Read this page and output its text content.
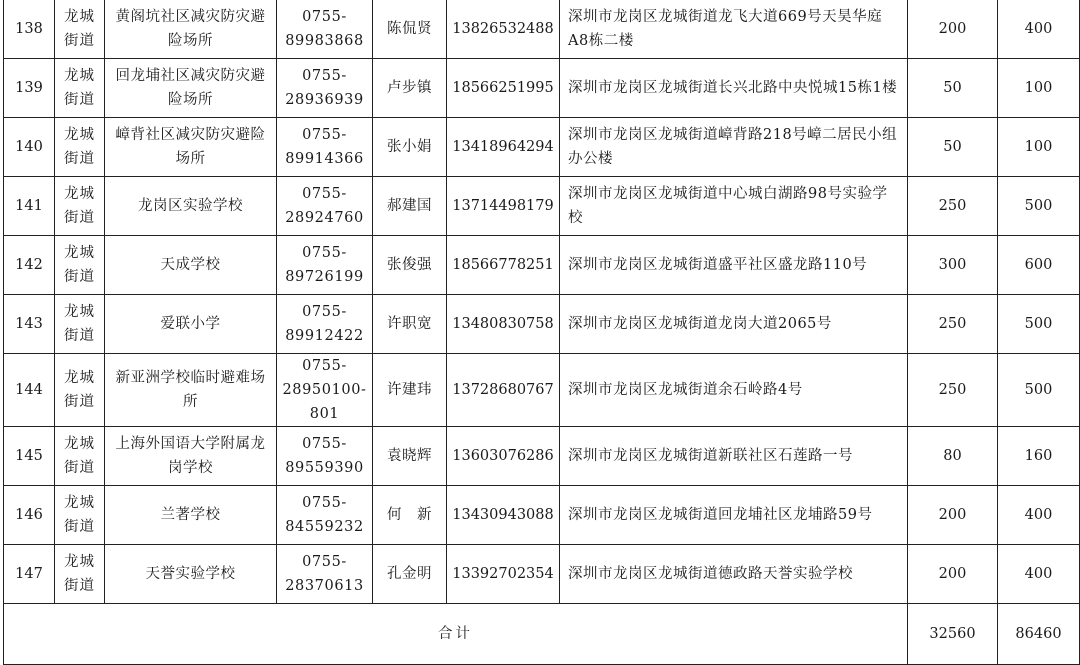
138	龙城街道	黄阁坑社区减灾防灾避险场所	0755-89983868	陈侃贤	13826532488	深圳市龙岗区龙城街道龙飞大道669号天昊华庭A8栋二楼	200	400
139	龙城街道	回龙埔社区减灾防灾避险场所	0755-28936939	卢步镇	18566251995	深圳市龙岗区龙城街道长兴北路中央悦城15栋1楼	50	100
140	龙城街道	嶂背社区减灾防灾避险场所	0755-89914366	张小娟	13418964294	深圳市龙岗区龙城街道嶂背路218号嶂二居民小组办公楼	50	100
141	龙城街道	龙岗区实验学校	0755-28924760	郝建国	13714498179	深圳市龙岗区龙城街道中心城白湖路98号实验学校	250	500
142	龙城街道	天成学校	0755-89726199	张俊强	18566778251	深圳市龙岗区龙城街道盛平社区盛龙路110号	300	600
143	龙城街道	爱联小学	0755-89912422	许职宽	13480830758	深圳市龙岗区龙城街道龙岗大道2065号	250	500
144	龙城街道	新亚洲学校临时避难场所	0755-28950100-801	许建玮	13728680767	深圳市龙岗区龙城街道余石岭路4号	250	500
145	龙城街道	上海外国语大学附属龙岗学校	0755-89559390	袁晓辉	13603076286	深圳市龙岗区龙城街道新联社区石莲路一号	80	160
146	龙城街道	兰著学校	0755-84559232	何　新	13430943088	深圳市龙岗区龙城街道回龙埔社区龙埔路59号	200	400
147	龙城街道	天誉实验学校	0755-28370613	孔金明	13392702354	深圳市龙岗区龙城街道德政路天誉实验学校	200	400
合计							32560	86460
